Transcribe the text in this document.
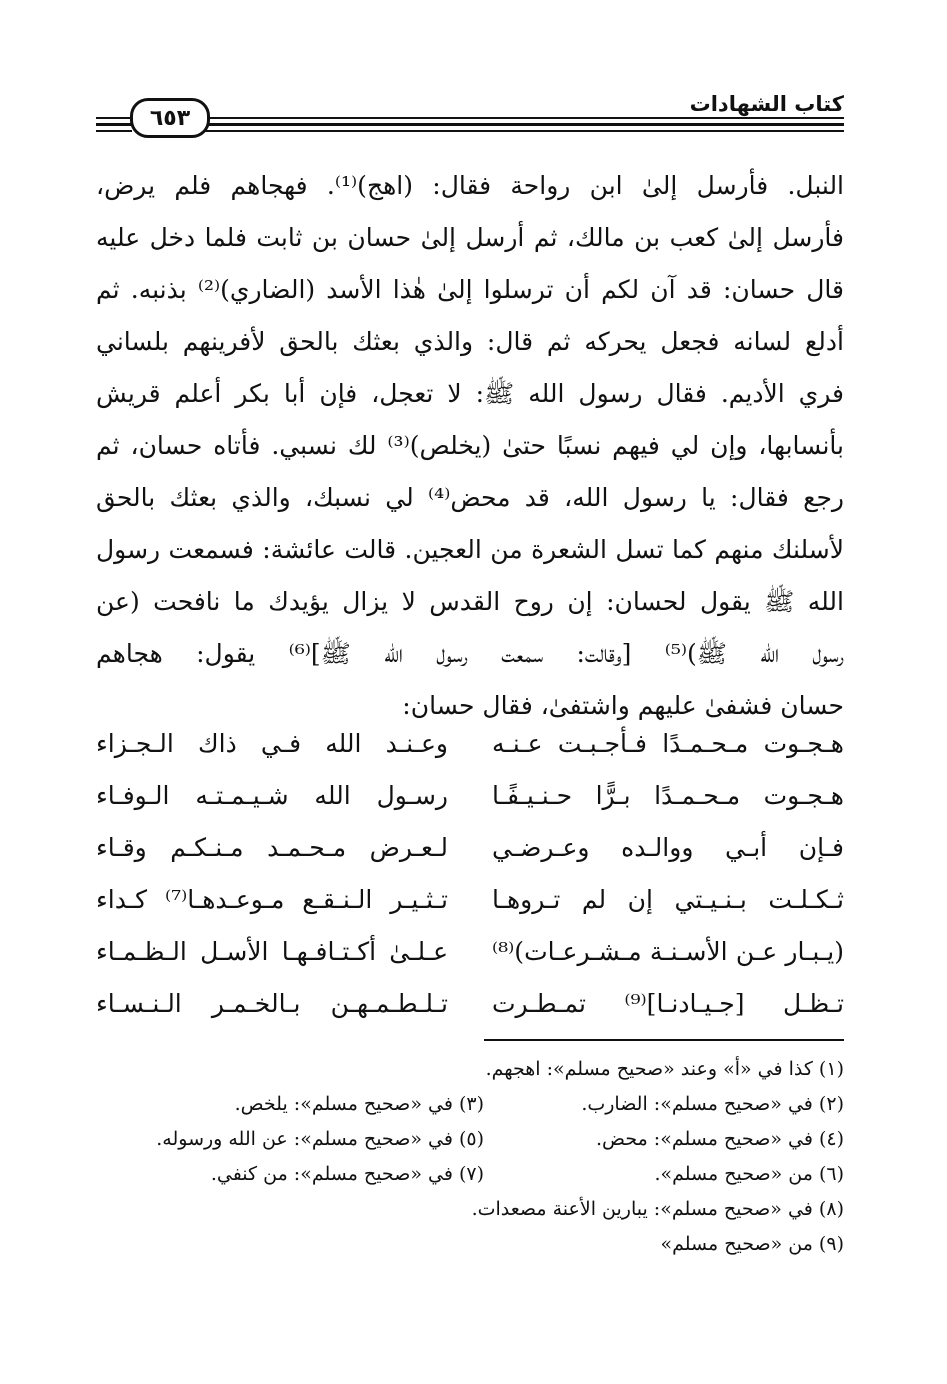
كتاب الشهادات
٦٥٣
النبل. فأرسل إلىٰ ابن رواحة فقال: (اهج)⁽¹⁾. فهجاهم فلم يرض،
فأرسل إلىٰ كعب بن مالك، ثم أرسل إلىٰ حسان بن ثابت فلما دخل عليه
قال حسان: قد آن لكم أن ترسلوا إلىٰ هٰذا الأسد (الضاري)⁽²⁾ بذنبه. ثم
أدلع لسانه فجعل يحركه ثم قال: والذي بعثك بالحق لأفرينهم بلساني
فري الأديم. فقال رسول الله ﷺ: لا تعجل، فإن أبا بكر أعلم قريش
بأنسابها، وإن لي فيهم نسبًا حتىٰ (يخلص)⁽³⁾ لك نسبي. فأتاه حسان، ثم
رجع فقال: يا رسول الله، قد محض⁽⁴⁾ لي نسبك، والذي بعثك بالحق
لأسلنك منهم كما تسل الشعرة من العجين. قالت عائشة: فسمعت رسول
الله ﷺ يقول لحسان: إن روح القدس لا يزال يؤيدك ما نافحت (عن
رسول الله ﷺ)⁽⁵⁾ [وقالت: سمعت رسول الله ﷺ]⁽⁶⁾ يقول: هجاهم
حسان فشفىٰ عليهم واشتفىٰ، فقال حسان:
هـجـوت مـحـمـدًا فـأجـبـت عـنـه
وعـنـد الله فـي ذاك الـجـزاء
هـجـوت مـحـمـدًا بـرًّا حـنـيـفًـا
رسـول الله شـيـمـتـه الـوفـاء
فـإن أبـي ووالـده وعـرضـي
لـعـرض مـحـمـد مـنـكـم وقـاء
ثـكـلـت بـنـيـتي إن لم تـروهـا
تـثـيـر الـنـقـع مـوعـدهـا⁽⁷⁾ كـداء
(يـبـار عـن الأسـنـة مـشـرعـات)⁽⁸⁾
عـلـىٰ أكـتـافـهـا الأسـل الـظـمـاء
تـظـل [جـيـادنـا]⁽⁹⁾ تمـطـرت
تـلـطـمـهـن بـالخـمـر الـنـسـاء
(١) كذا في «أ» وعند «صحيح مسلم»: اهجهم.
(٢) في «صحيح مسلم»: الضارب.
(٣) في «صحيح مسلم»: يلخص.
(٤) في «صحيح مسلم»: محض.
(٥) في «صحيح مسلم»: عن الله ورسوله.
(٦) من «صحيح مسلم».
(٧) في «صحيح مسلم»: من كنفي.
(٨) في «صحيح مسلم»: يبارين الأعنة مصعدات.
(٩) من «صحيح مسلم»
